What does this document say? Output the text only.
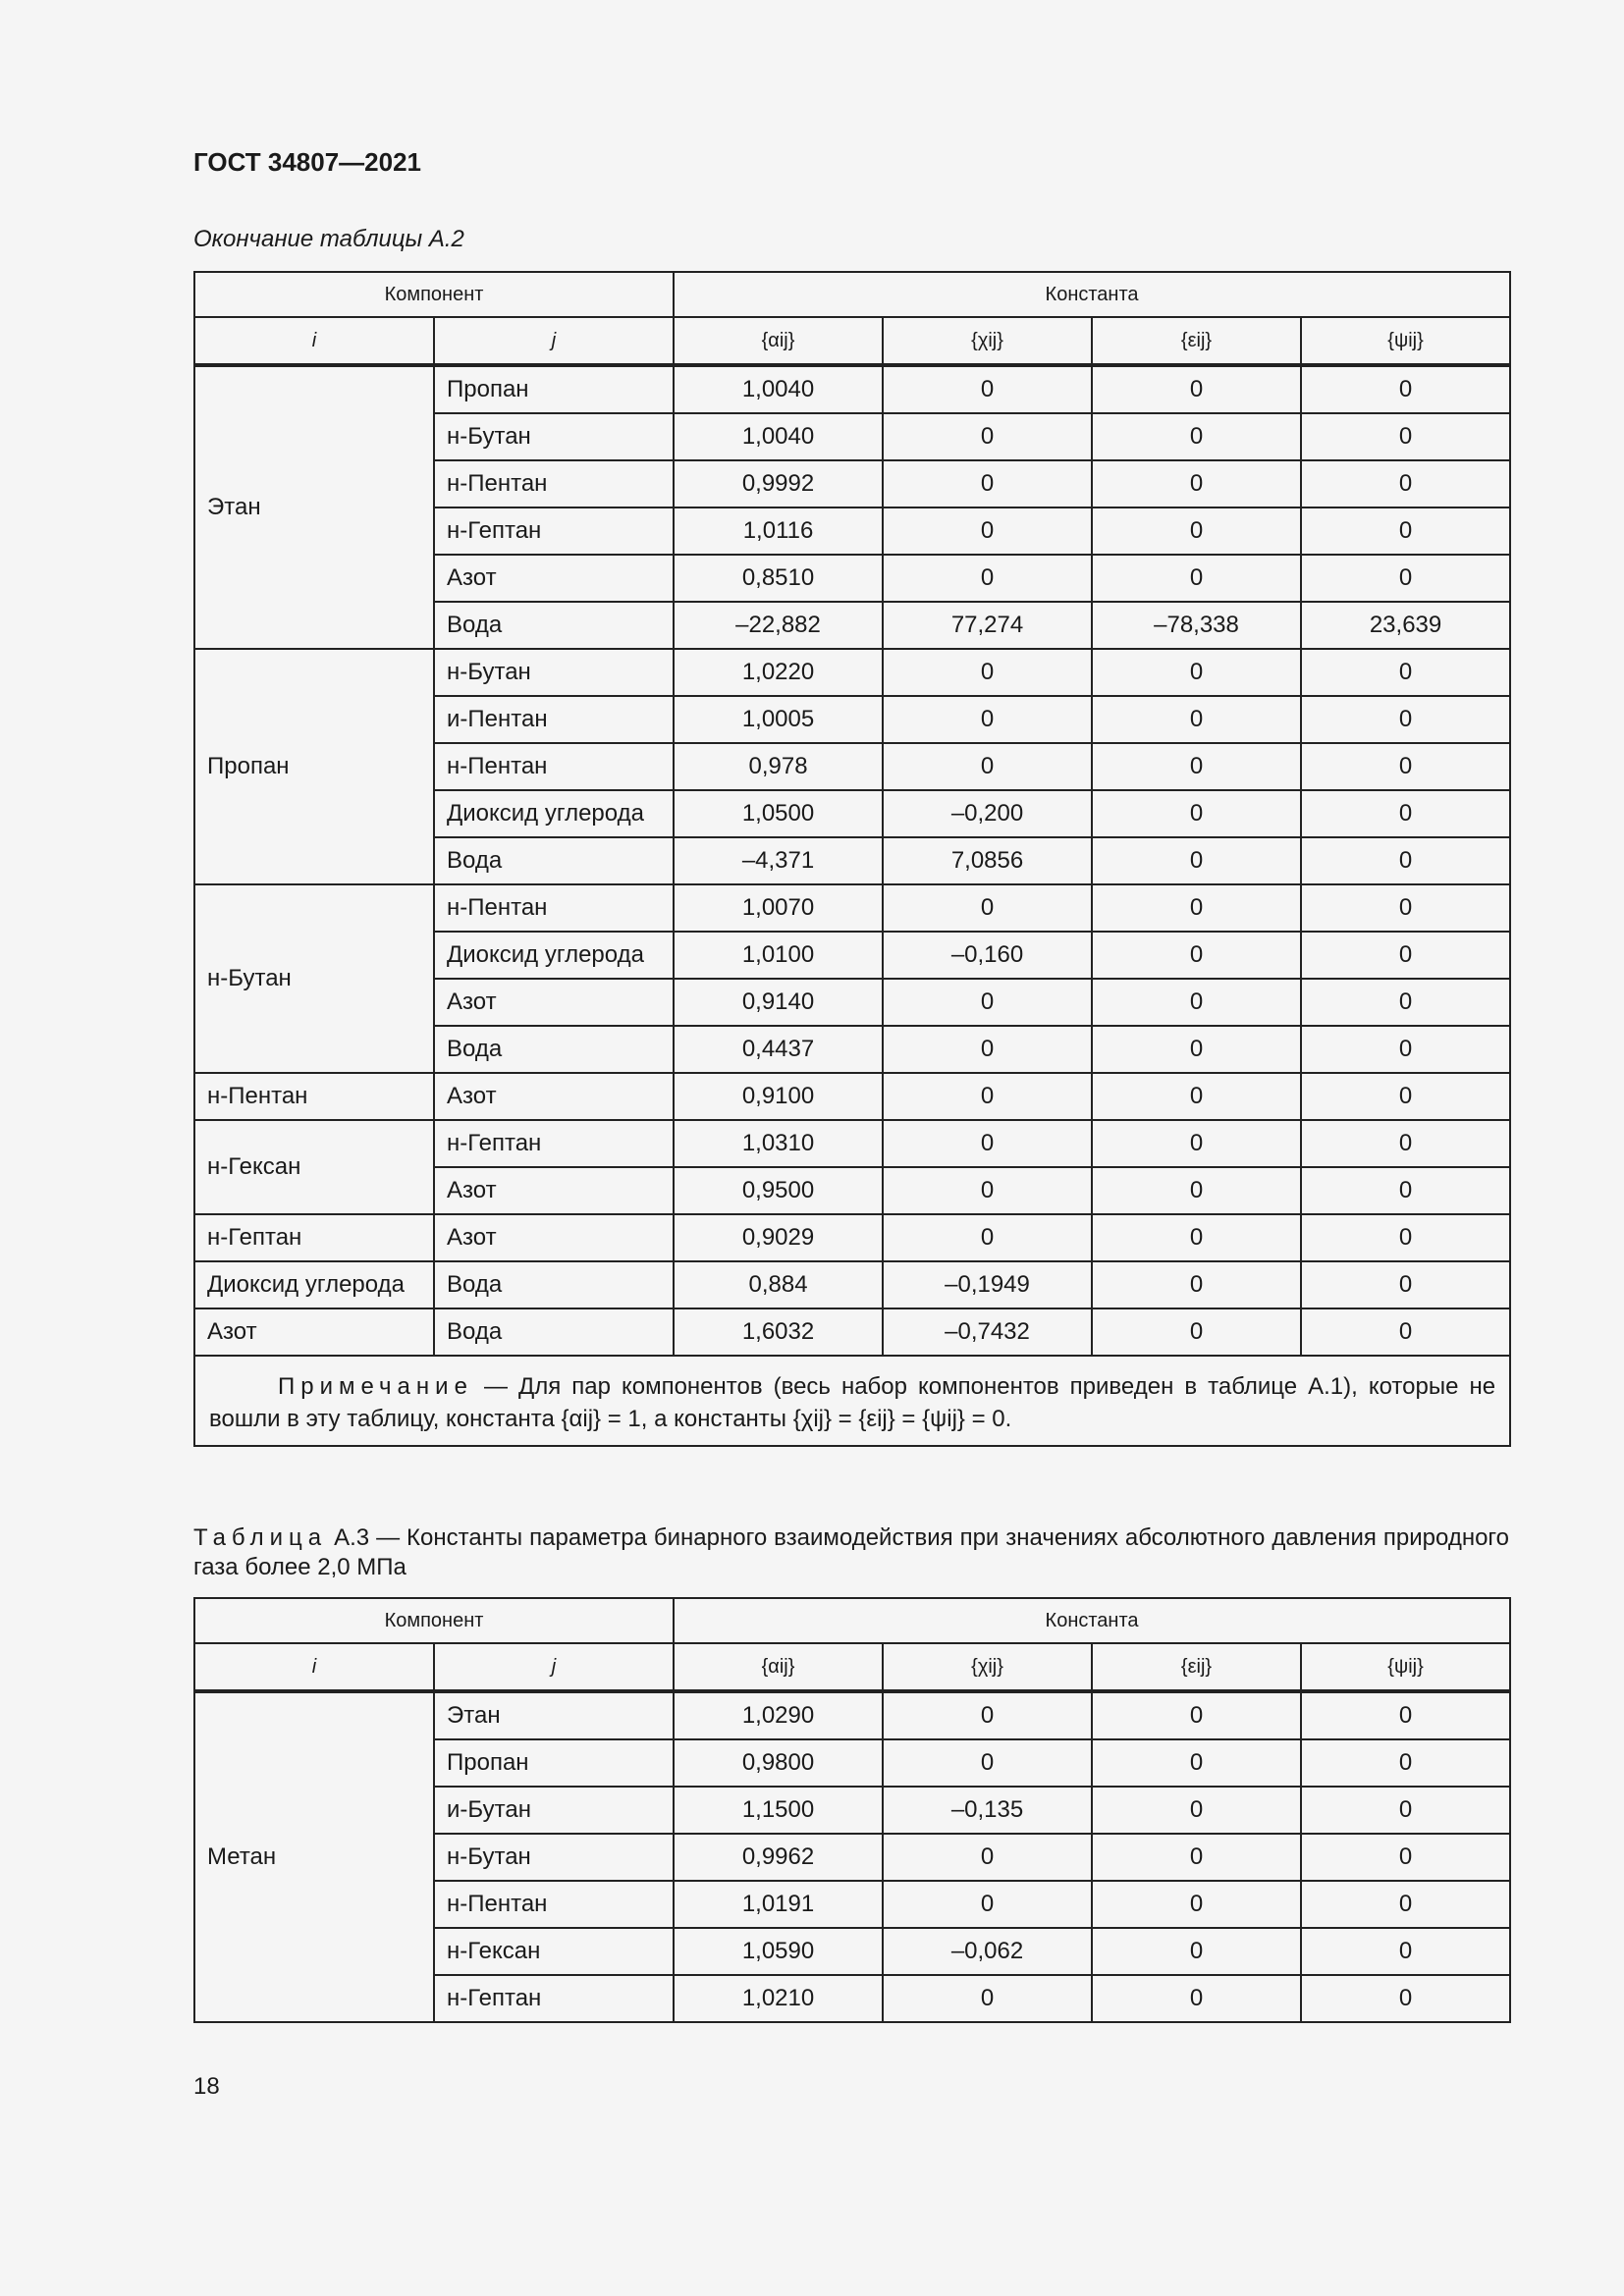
ГОСТ 34807—2021
Окончание таблицы А.2
Компонент		Константа			
i	j	{αij}	{χij}	{εij}	{ψij}
Этан	Пропан	1,0040	0	0	0
	н-Бутан	1,0040	0	0	0
	н-Пентан	0,9992	0	0	0
	н-Гептан	1,0116	0	0	0
	Азот	0,8510	0	0	0
	Вода	–22,882	77,274	–78,338	23,639
Пропан	н-Бутан	1,0220	0	0	0
	и-Пентан	1,0005	0	0	0
	н-Пентан	0,978	0	0	0
	Диоксид углерода	1,0500	–0,200	0	0
	Вода	–4,371	7,0856	0	0
н-Бутан	н-Пентан	1,0070	0	0	0
	Диоксид углерода	1,0100	–0,160	0	0
	Азот	0,9140	0	0	0
	Вода	0,4437	0	0	0
н-Пентан	Азот	0,9100	0	0	0
н-Гексан	н-Гептан	1,0310	0	0	0
	Азот	0,9500	0	0	0
н-Гептан	Азот	0,9029	0	0	0
Диоксид углерода	Вода	0,884	–0,1949	0	0
Азот	Вода	1,6032	–0,7432	0	0
Примечание — Для пар компонентов (весь набор компонентов приведен в таблице А.1), которые не вошли в эту таблицу, константа {αij} = 1, а константы {χij} = {εij} = {ψij} = 0.					
Таблица А.3 — Константы параметра бинарного взаимодействия при значениях абсолютного давления природного газа более 2,0 МПа
Компонент		Константа			
i	j	{αij}	{χij}	{εij}	{ψij}
Метан	Этан	1,0290	0	0	0
	Пропан	0,9800	0	0	0
	и-Бутан	1,1500	–0,135	0	0
	н-Бутан	0,9962	0	0	0
	н-Пентан	1,0191	0	0	0
	н-Гексан	1,0590	–0,062	0	0
	н-Гептан	1,0210	0	0	0
18
